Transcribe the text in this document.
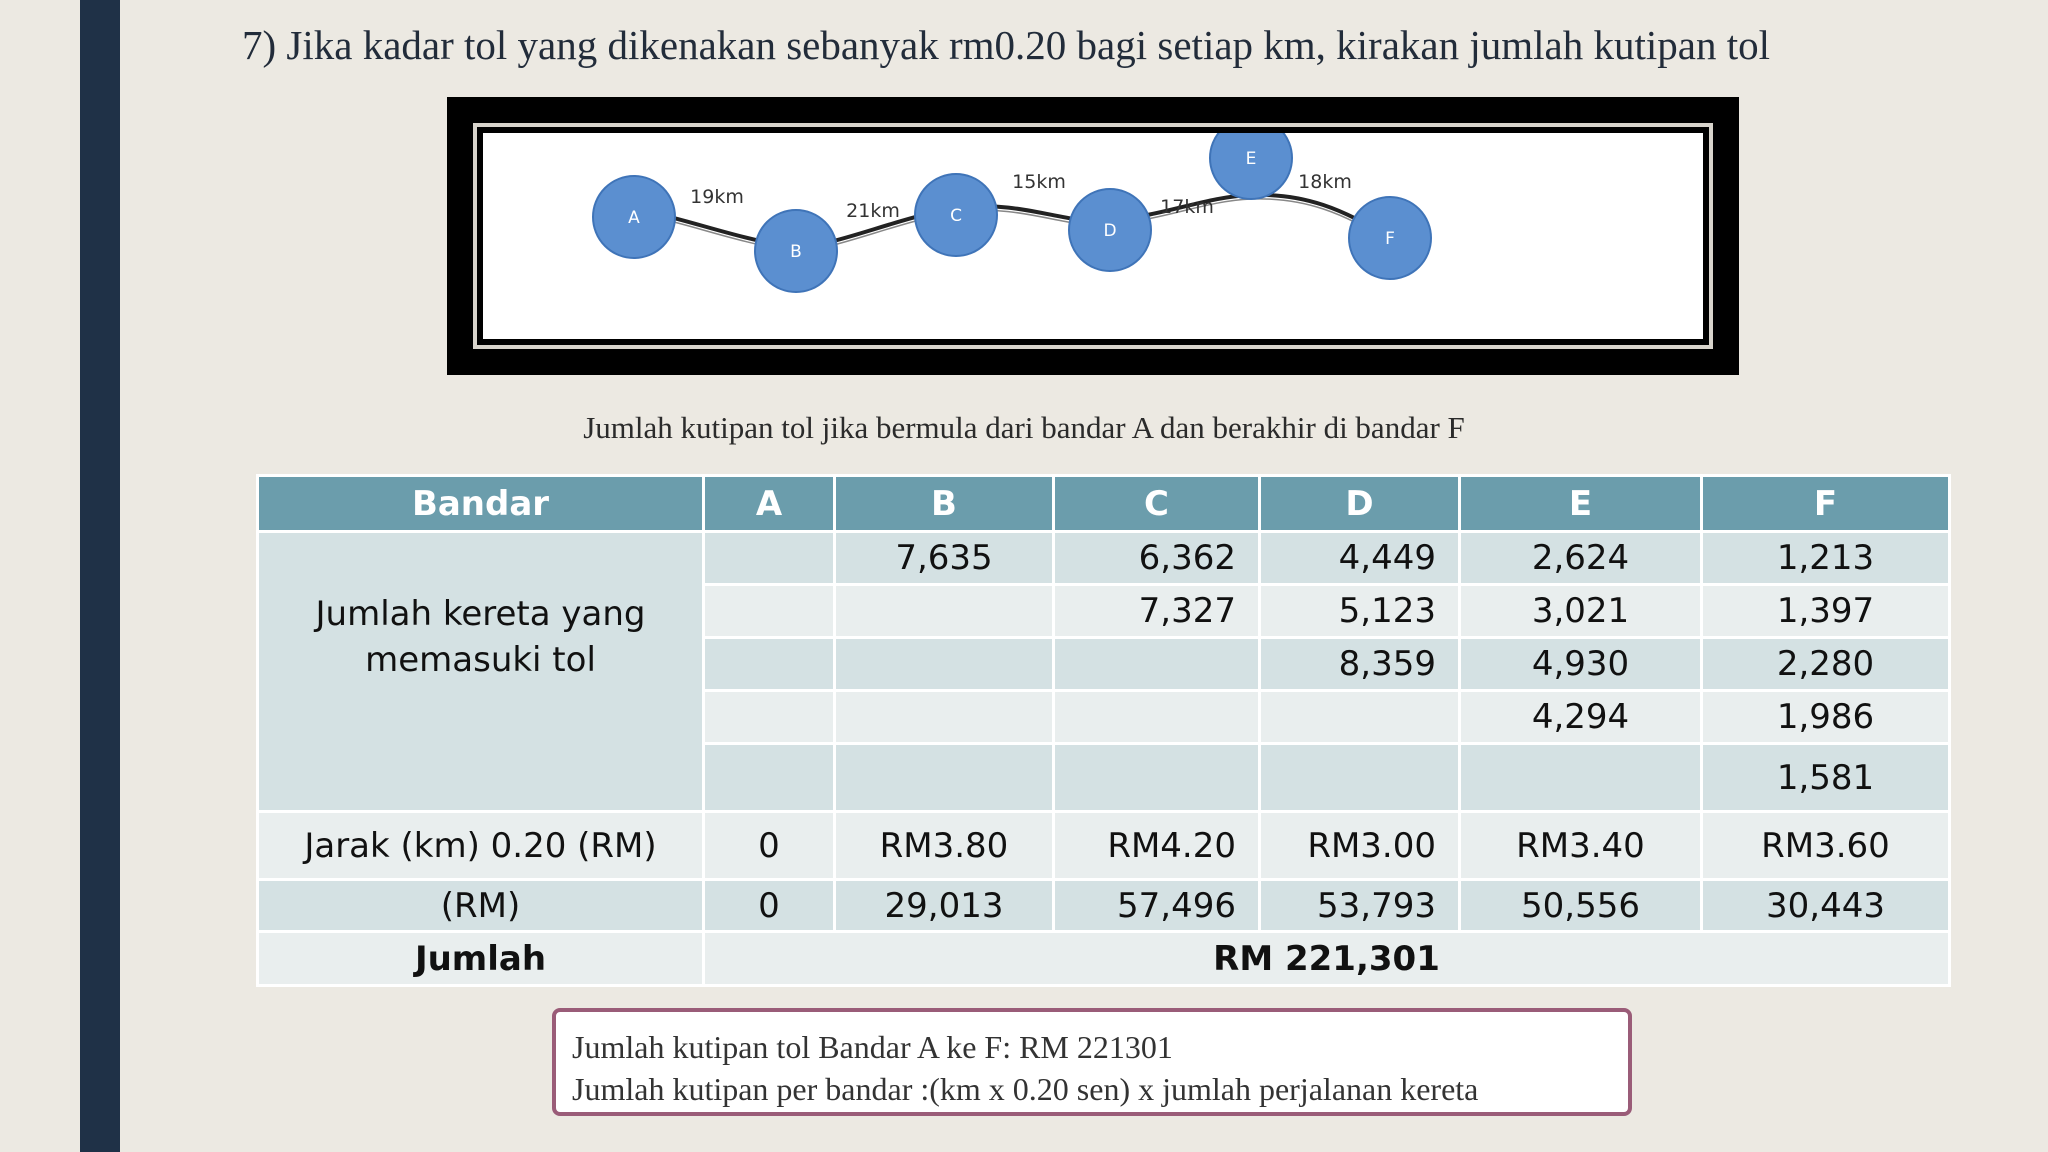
7) Jika kadar tol yang dikenakan sebanyak rm0.20 bagi setiap km, kirakan jumlah kutipan tol
A
B
C
D
E
F
19km
21km
15km
17km
18km
Jumlah kutipan tol jika bermula dari bandar A dan berakhir di bandar F
Bandar	A	B	C	D	E	F
Jumlah kereta yang memasuki tol		7,635	6,362	4,449	2,624	1,213
			7,327	5,123	3,021	1,397
				8,359	4,930	2,280
					4,294	1,986
						1,581
Jarak (km) 0.20 (RM)	0	RM3.80	RM4.20	RM3.00	RM3.40	RM3.60
(RM)	0	29,013	57,496	53,793	50,556	30,443
Jumlah	RM 221,301					
Jumlah kutipan tol Bandar A ke F: RM 221301
Jumlah kutipan per bandar :(km x 0.20 sen) x jumlah perjalanan kereta
